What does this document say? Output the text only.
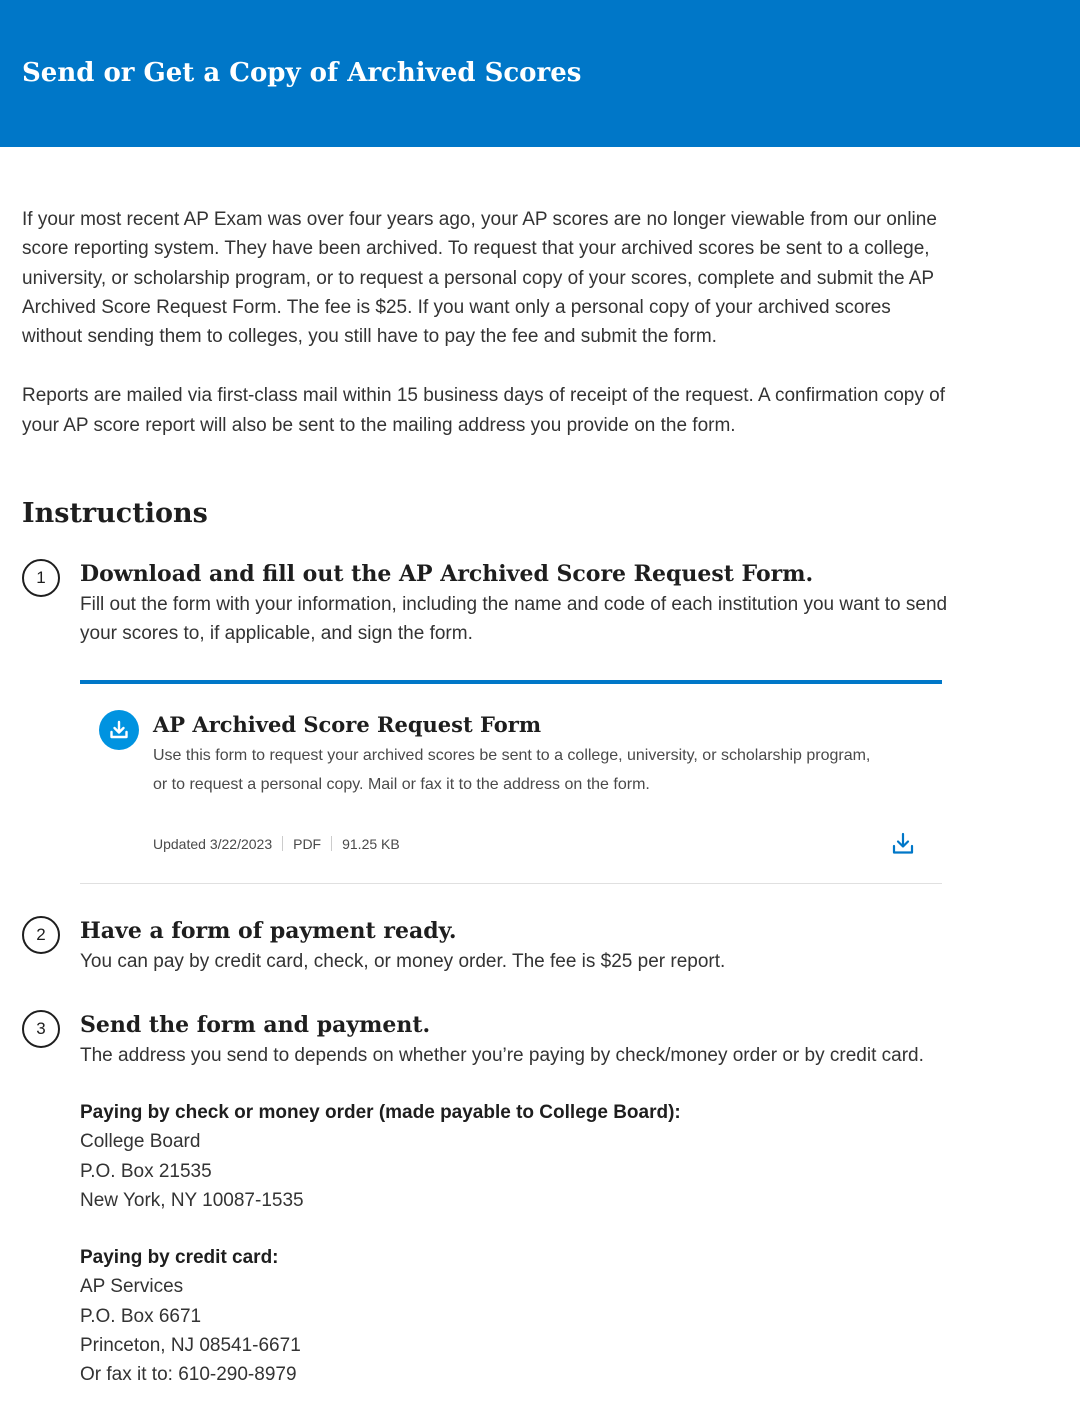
Send or Get a Copy of Archived Scores

If your most recent AP Exam was over four years ago, your AP scores are no longer viewable from our online score reporting system. They have been archived. To request that your archived scores be sent to a college, university, or scholarship program, or to request a personal copy of your scores, complete and submit the AP Archived Score Request Form. The fee is $25. If you want only a personal copy of your archived scores without sending them to colleges, you still have to pay the fee and submit the form.

Reports are mailed via first-class mail within 15 business days of receipt of the request. A confirmation copy of your AP score report will also be sent to the mailing address you provide on the form.

Instructions
1	Download and fill out the AP Archived Score Request Form.

Fill out the form with your information, including the name and code of each institution you want to send your scores to, if applicable, and sign the form.

AP Archived Score Request Form

Use this form to request your archived scores be sent to a college, university, or scholarship program, or to request a personal copy. Mail or fax it to the address on the form.

Updated 3/22/2023 PDF 91.25 KB
2	Have a form of payment ready.

You can pay by credit card, check, or money order. The fee is $25 per report.

3	Send the form and payment.

The address you send to depends on whether you’re paying by check/money order or by credit card.

Paying by check or money order (made payable to College Board):
College Board
P.O. Box 21535
New York, NY 10087-1535
Paying by credit card:
AP Services
P.O. Box 6671
Princeton, NJ 08541-6671
Or fax it to: 610-290-8979
